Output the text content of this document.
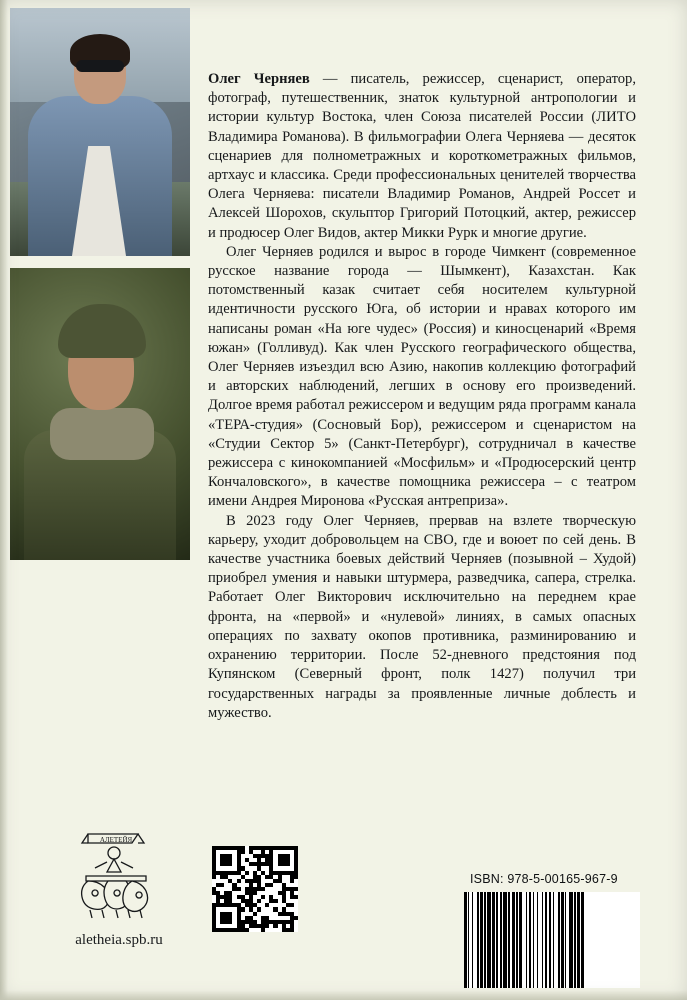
Олег Черняев — писатель, режиссер, сценарист, оператор, фотограф, путешественник, знаток культурной антропологии и истории культур Востока, член Союза писателей России (ЛИТО Владимира Романова). В фильмографии Олега Черняева — десяток сценариев для полнометражных и короткометражных фильмов, артхаус и классика. Среди профессиональных ценителей творчества Олега Черняева: писатели Владимир Романов, Андрей Россет и Алексей Шорохов, скульптор Григорий Потоцкий, актер, режиссер и продюсер Олег Видов, актер Микки Рурк и многие другие.

Олег Черняев родился и вырос в городе Чимкент (современное русское название города — Шымкент), Казахстан. Как потомственный казак считает себя носителем культурной идентичности русского Юга, об истории и нравах которого им написаны роман «На юге чудес» (Россия) и киносценарий «Время южан» (Голливуд). Как член Русского географического общества, Олег Черняев изъездил всю Азию, накопив коллекцию фотографий и авторских наблюдений, легших в основу его произведений. Долгое время работал режиссером и ведущим ряда программ канала «ТЕРА-студия» (Сосновый Бор), режиссером и сценаристом на «Студии Сектор 5» (Санкт-Петербург), сотрудничал в качестве режиссера с кинокомпанией «Мосфильм» и «Продюсерский центр Кончаловского», в качестве помощника режиссера – с театром имени Андрея Миронова «Русская антреприза».

В 2023 году Олег Черняев, прервав на взлете творческую карьеру, уходит добровольцем на СВО, где и воюет по сей день. В качестве участника боевых действий Черняев (позывной – Худой) приобрел умения и навыки штурмера, разведчика, сапера, стрелка. Работает Олег Викторович исключительно на переднем крае фронта, на «первой» и «нулевой» линиях, в самых опасных операциях по захвату окопов противника, разминированию и охранению территории. После 52-дневного предстояния под Купянском (Северный фронт, полк 1427) получил три государственных награды за проявленные личные доблесть и мужество.

АЛЕТЕЙЯ
aletheia.spb.ru
ISBN: 978-5-00165-967-9
